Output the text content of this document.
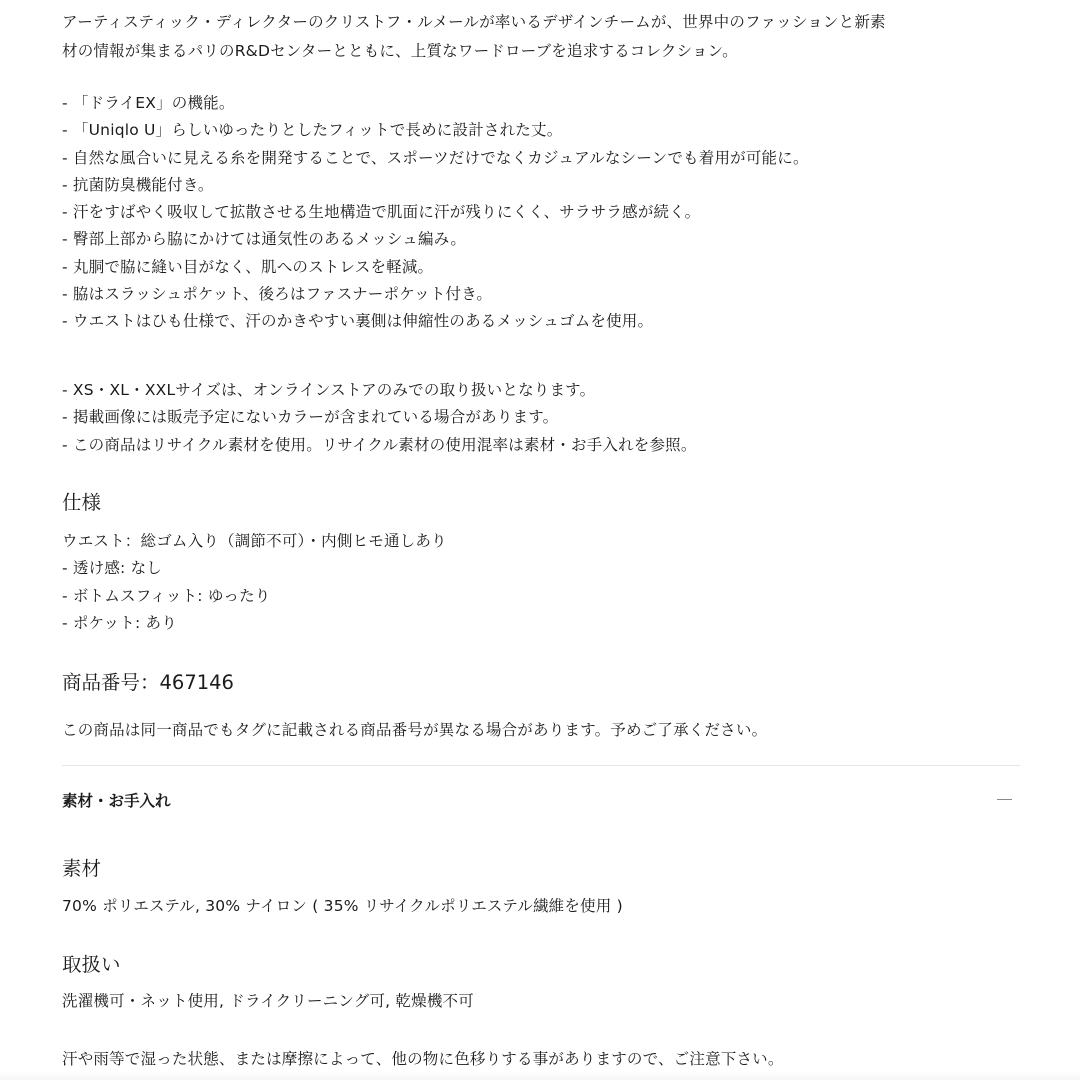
アーティスティック・ディレクターのクリストフ・ルメールが率いるデザインチームが、世界中のファッションと新素
材の情報が集まるパリのR&Dセンターとともに、上質なワードローブを追求するコレクション。
- 「ドライEX」の機能。
- 「Uniqlo U」らしいゆったりとしたフィットで長めに設計された丈。
- 自然な風合いに見える糸を開発することで、スポーツだけでなくカジュアルなシーンでも着用が可能に。
- 抗菌防臭機能付き。
- 汗をすばやく吸収して拡散させる生地構造で肌面に汗が残りにくく、サラサラ感が続く。
- 臀部上部から脇にかけては通気性のあるメッシュ編み。
- 丸胴で脇に縫い目がなく、肌へのストレスを軽減。
- 脇はスラッシュポケット、後ろはファスナーポケット付き。
- ウエストはひも仕様で、汗のかきやすい裏側は伸縮性のあるメッシュゴムを使用。
- XS・XL・XXLサイズは、オンラインストアのみでの取り扱いとなります。
- 掲載画像には販売予定にないカラーが含まれている場合があります。
- この商品はリサイクル素材を使用。リサイクル素材の使用混率は素材・お手入れを参照。
仕様
ウエスト：総ゴム入り（調節不可）・内側ヒモ通しあり
- 透け感: なし
- ボトムスフィット: ゆったり
- ポケット: あり
商品番号：467146

この商品は同一商品でもタグに記載される商品番号が異なる場合があります。予めご了承ください。

素材・お手入れ
素材

70% ポリエステル, 30% ナイロン ( 35% リサイクルポリエステル繊維を使用 )

取扱い

洗濯機可・ネット使用, ドライクリーニング可, 乾燥機不可

汗や雨等で湿った状態、または摩擦によって、他の物に色移りする事がありますので、ご注意下さい。
